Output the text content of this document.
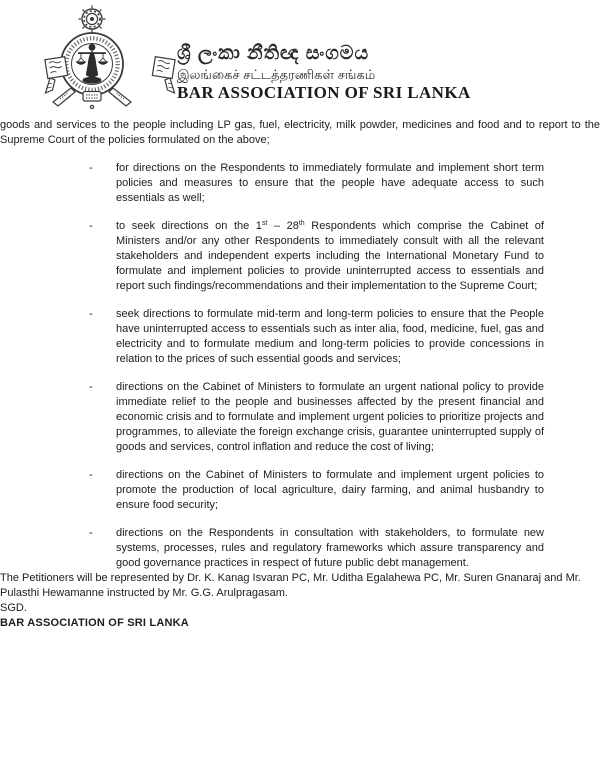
ශ්‍රී ලංකා නීතිඥ සංගමය
இலங்கைச் சட்டத்தரணிகள் சங்கம்
BAR ASSOCIATION OF SRI LANKA

goods and services to the people including LP gas, fuel, electricity, milk powder, medicines and food and to report to the Supreme Court of the policies formulated on the above;

- for directions on the Respondents to immediately formulate and implement short term policies and measures to ensure that the people have adequate access to such essentials as well;

- to seek directions on the 1st – 28th Respondents which comprise the Cabinet of Ministers and/or any other Respondents to immediately consult with all the relevant stakeholders and independent experts including the International Monetary Fund to formulate and implement policies to provide uninterrupted access to essentials and report such findings/recommendations and their implementation to the Supreme Court;

- seek directions to formulate mid-term and long-term policies to ensure that the People have uninterrupted access to essentials such as inter alia, food, medicine, fuel, gas and electricity and to formulate medium and long-term policies to provide concessions in relation to the prices of such essential goods and services;

- directions on the Cabinet of Ministers to formulate an urgent national policy to provide immediate relief to the people and businesses affected by the present financial and economic crisis and to formulate and implement urgent policies to prioritize projects and programmes, to alleviate the foreign exchange crisis, guarantee uninterrupted supply of goods and services, control inflation and reduce the cost of living;

- directions on the Cabinet of Ministers to formulate and implement urgent policies to promote the production of local agriculture, dairy farming, and animal husbandry to ensure food security;

- directions on the Respondents in consultation with stakeholders, to formulate new systems, processes, rules and regulatory frameworks which assure transparency and good governance practices in respect of future public debt management.

The Petitioners will be represented by Dr. K. Kanag Isvaran PC, Mr. Uditha Egalahewa PC, Mr. Suren Gnanaraj and Mr. Pulasthi Hewamanne instructed by Mr. G.G. Arulpragasam.

SGD.

BAR ASSOCIATION OF SRI LANKA
